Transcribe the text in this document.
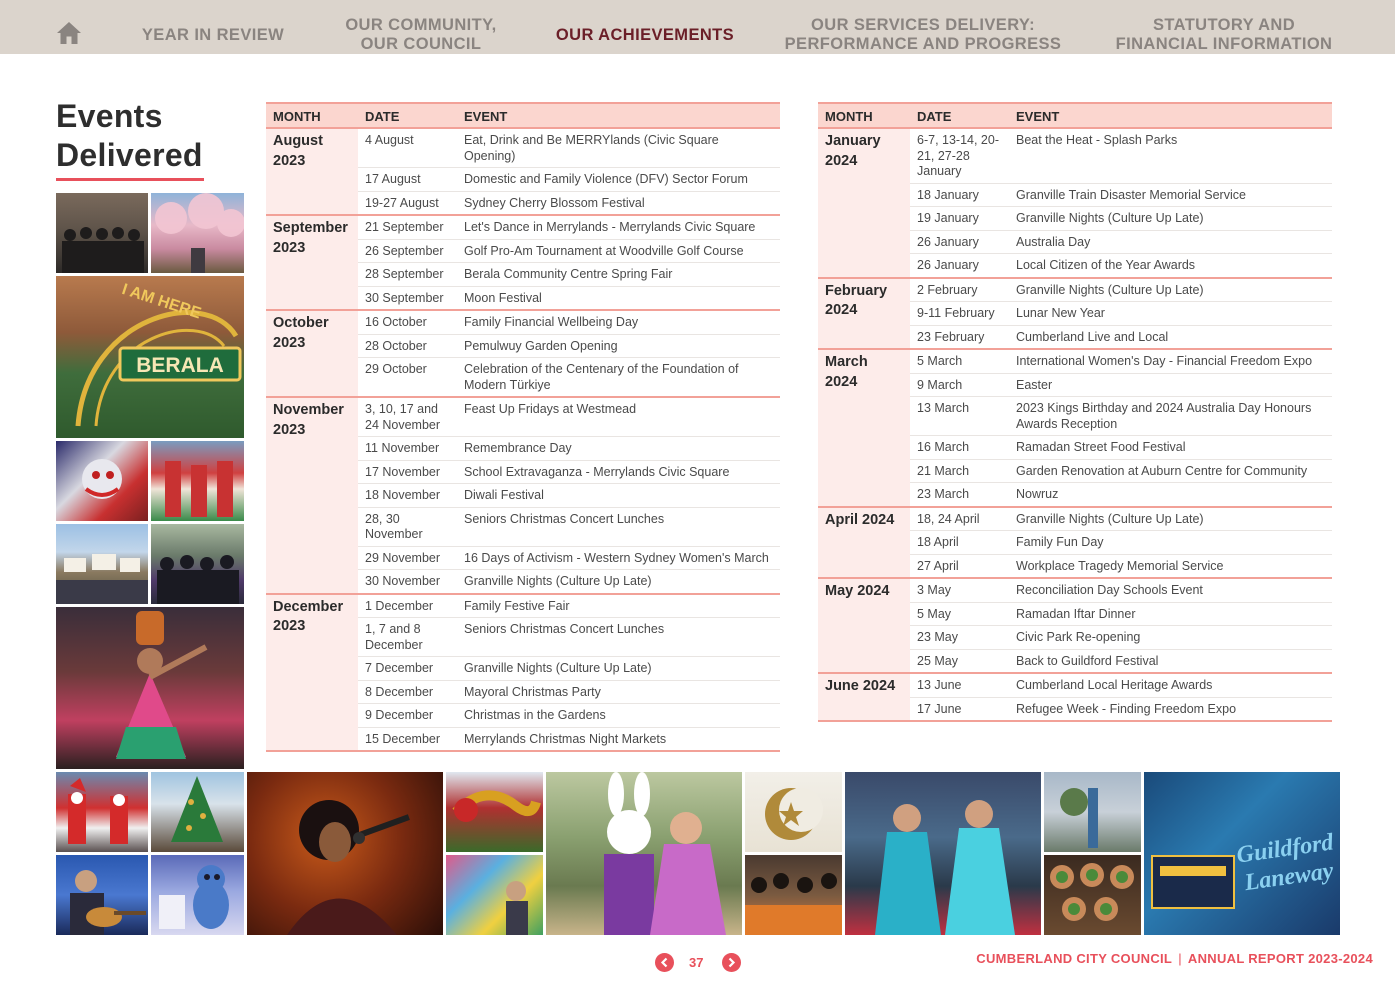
YEAR IN REVIEW
OUR COMMUNITY,
OUR COUNCIL
OUR ACHIEVEMENTS
OUR SERVICES DELIVERY:
PERFORMANCE AND PROGRESS
STATUTORY AND
FINANCIAL INFORMATION
Events
Delivered
BERALA
I AM HERE
Guildford
Laneway
MONTH	DATE	EVENT
August
2023	4 August	Eat, Drink and Be MERRYlands (Civic Square Opening)
	17 August	Domestic and Family Violence (DFV) Sector Forum
	19-27 August	Sydney Cherry Blossom Festival
September
2023	21 September	Let's Dance in Merrylands - Merrylands Civic Square
	26 September	Golf Pro-Am Tournament at Woodville Golf Course
	28 September	Berala Community Centre Spring Fair
	30 September	Moon Festival
October
2023	16 October	Family Financial Wellbeing Day
	28 October	Pemulwuy Garden Opening
	29 October	Celebration of the Centenary of the Foundation of Modern Türkiye
November
2023	3, 10, 17 and 24 November	Feast Up Fridays at Westmead
	11 November	Remembrance Day
	17 November	School Extravaganza - Merrylands Civic Square
	18 November	Diwali Festival
	28, 30 November	Seniors Christmas Concert Lunches
	29 November	16 Days of Activism - Western Sydney Women's March
	30 November	Granville Nights (Culture Up Late)
December
2023	1 December	Family Festive Fair
	1, 7 and 8 December	Seniors Christmas Concert Lunches
	7 December	Granville Nights (Culture Up Late)
	8 December	Mayoral Christmas Party
	9 December	Christmas in the Gardens
	15 December	Merrylands Christmas Night Markets
MONTH	DATE	EVENT
January
2024	6-7, 13-14, 20-21, 27-28 January	Beat the Heat - Splash Parks
	18 January	Granville Train Disaster Memorial Service
	19 January	Granville Nights (Culture Up Late)
	26 January	Australia Day
	26 January	Local Citizen of the Year Awards
February
2024	2 February	Granville Nights (Culture Up Late)
	9-11 February	Lunar New Year
	23 February	Cumberland Live and Local
March
2024	5 March	International Women's Day - Financial Freedom Expo
	9 March	Easter
	13 March	2023 Kings Birthday and 2024 Australia Day Honours Awards Reception
	16 March	Ramadan Street Food Festival
	21 March	Garden Renovation at Auburn Centre for Community
	23 March	Nowruz
April 2024	18, 24 April	Granville Nights (Culture Up Late)
	18 April	Family Fun Day
	27 April	Workplace Tragedy Memorial Service
May 2024	3 May	Reconciliation Day Schools Event
	5 May	Ramadan Iftar Dinner
	23 May	Civic Park Re-opening
	25 May	Back to Guildford Festival
June 2024	13 June	Cumberland Local Heritage Awards
	17 June	Refugee Week - Finding Freedom Expo
37	CUMBERLAND CITY COUNCIL | ANNUAL REPORT 2023-2024
